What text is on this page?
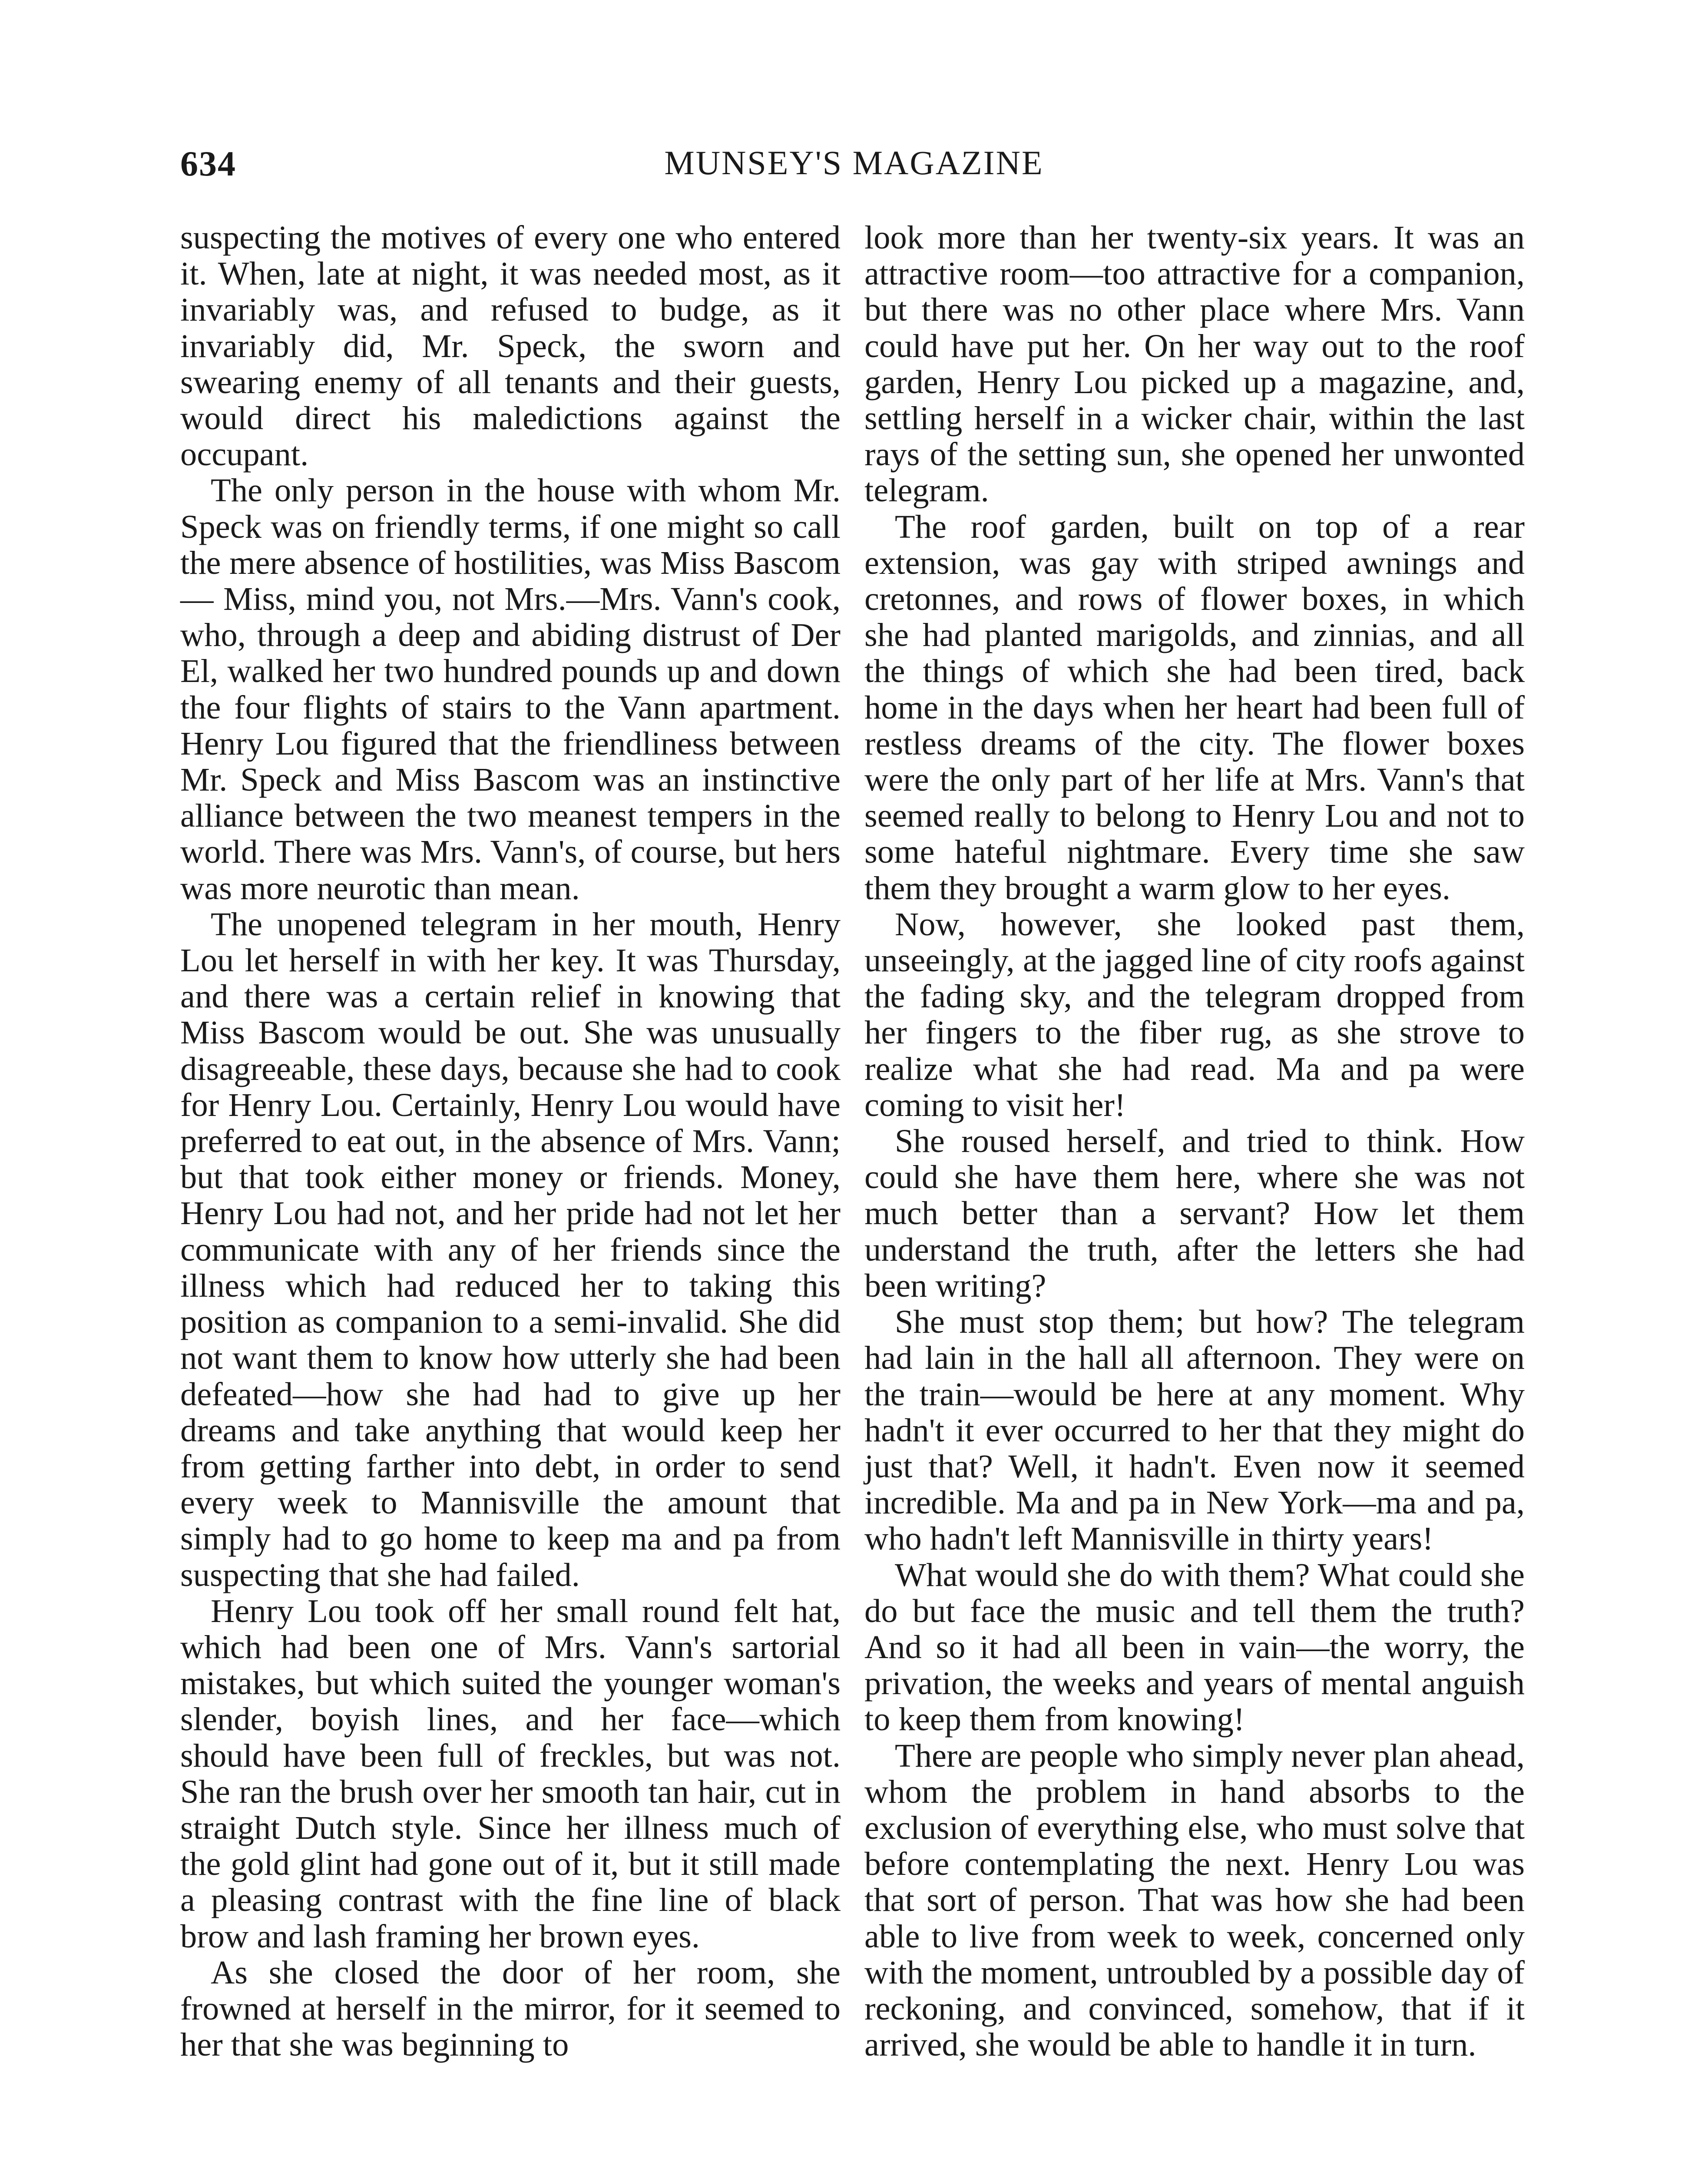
634	MUNSEY'S MAGAZINE

suspecting the motives of every one who entered it. When, late at night, it was needed most, as it invariably was, and refused to budge, as it invariably did, Mr. Speck, the sworn and swearing enemy of all tenants and their guests, would direct his maledictions against the occupant.

The only person in the house with whom Mr. Speck was on friendly terms, if one might so call the mere absence of hostilities, was Miss Bascom — Miss, mind you, not Mrs.—Mrs. Vann's cook, who, through a deep and abiding distrust of Der El, walked her two hundred pounds up and down the four flights of stairs to the Vann apartment. Henry Lou figured that the friendliness between Mr. Speck and Miss Bascom was an instinctive alliance between the two meanest tempers in the world. There was Mrs. Vann's, of course, but hers was more neurotic than mean.

The unopened telegram in her mouth, Henry Lou let herself in with her key. It was Thursday, and there was a certain relief in knowing that Miss Bascom would be out. She was unusually disagreeable, these days, because she had to cook for Henry Lou. Certainly, Henry Lou would have preferred to eat out, in the absence of Mrs. Vann; but that took either money or friends. Money, Henry Lou had not, and her pride had not let her communicate with any of her friends since the illness which had reduced her to taking this position as companion to a semi-invalid. She did not want them to know how utterly she had been defeated—how she had had to give up her dreams and take anything that would keep her from getting farther into debt, in order to send every week to Mannisville the amount that simply had to go home to keep ma and pa from suspecting that she had failed.

Henry Lou took off her small round felt hat, which had been one of Mrs. Vann's sartorial mistakes, but which suited the younger woman's slender, boyish lines, and her face—which should have been full of freckles, but was not. She ran the brush over her smooth tan hair, cut in straight Dutch style. Since her illness much of the gold glint had gone out of it, but it still made a pleasing contrast with the fine line of black brow and lash framing her brown eyes.

As she closed the door of her room, she frowned at herself in the mirror, for it seemed to her that she was beginning to

look more than her twenty-six years. It was an attractive room—too attractive for a companion, but there was no other place where Mrs. Vann could have put her. On her way out to the roof garden, Henry Lou picked up a magazine, and, settling herself in a wicker chair, within the last rays of the setting sun, she opened her unwonted telegram.

The roof garden, built on top of a rear extension, was gay with striped awnings and cretonnes, and rows of flower boxes, in which she had planted marigolds, and zinnias, and all the things of which she had been tired, back home in the days when her heart had been full of restless dreams of the city. The flower boxes were the only part of her life at Mrs. Vann's that seemed really to belong to Henry Lou and not to some hateful nightmare. Every time she saw them they brought a warm glow to her eyes.

Now, however, she looked past them, unseeingly, at the jagged line of city roofs against the fading sky, and the telegram dropped from her fingers to the fiber rug, as she strove to realize what she had read. Ma and pa were coming to visit her!

She roused herself, and tried to think. How could she have them here, where she was not much better than a servant? How let them understand the truth, after the letters she had been writing?

She must stop them; but how? The telegram had lain in the hall all afternoon. They were on the train—would be here at any moment. Why hadn't it ever occurred to her that they might do just that? Well, it hadn't. Even now it seemed incredible. Ma and pa in New York—ma and pa, who hadn't left Mannisville in thirty years!

What would she do with them? What could she do but face the music and tell them the truth? And so it had all been in vain—the worry, the privation, the weeks and years of mental anguish to keep them from knowing!

There are people who simply never plan ahead, whom the problem in hand absorbs to the exclusion of everything else, who must solve that before contemplating the next. Henry Lou was that sort of person. That was how she had been able to live from week to week, concerned only with the moment, untroubled by a possible day of reckoning, and convinced, somehow, that if it arrived, she would be able to handle it in turn.
